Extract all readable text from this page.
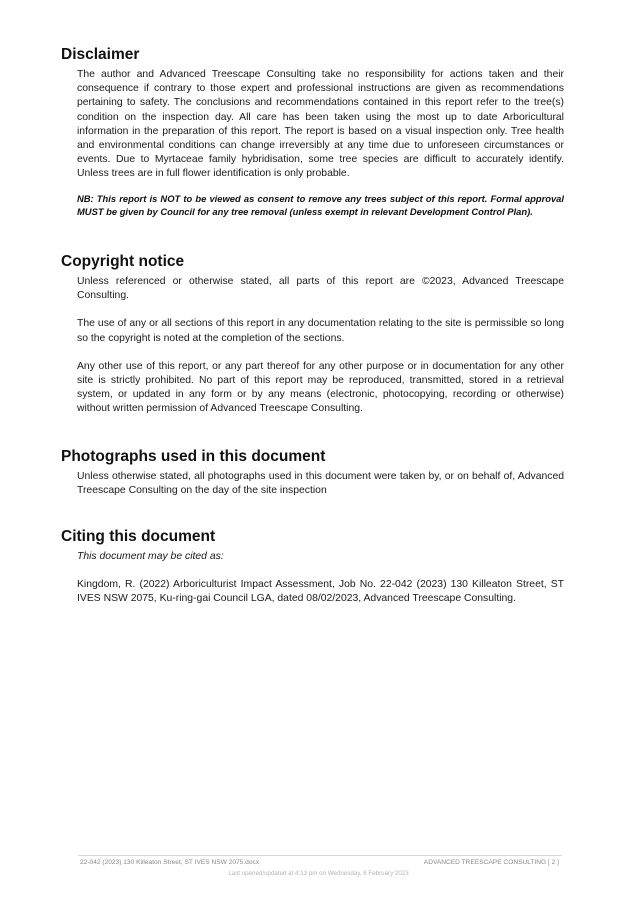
Disclaimer

The author and Advanced Treescape Consulting take no responsibility for actions taken and their consequence if contrary to those expert and professional instructions are given as recommendations pertaining to safety. The conclusions and recommendations contained in this report refer to the tree(s) condition on the inspection day. All care has been taken using the most up to date Arboricultural information in the preparation of this report. The report is based on a visual inspection only. Tree health and environmental conditions can change irreversibly at any time due to unforeseen circumstances or events. Due to Myrtaceae family hybridisation, some tree species are difficult to accurately identify. Unless trees are in full flower identification is only probable.

NB: This report is NOT to be viewed as consent to remove any trees subject of this report. Formal approval MUST be given by Council for any tree removal (unless exempt in relevant Development Control Plan).

Copyright notice

Unless referenced or otherwise stated, all parts of this report are ©2023, Advanced Treescape Consulting.

The use of any or all sections of this report in any documentation relating to the site is permissible so long so the copyright is noted at the completion of the sections.

Any other use of this report, or any part thereof for any other purpose or in documentation for any other site is strictly prohibited. No part of this report may be reproduced, transmitted, stored in a retrieval system, or updated in any form or by any means (electronic, photocopying, recording or otherwise) without written permission of Advanced Treescape Consulting.

Photographs used in this document

Unless otherwise stated, all photographs used in this document were taken by, or on behalf of, Advanced Treescape Consulting on the day of the site inspection

Citing this document

This document may be cited as:

Kingdom, R. (2022) Arboriculturist Impact Assessment, Job No. 22-042 (2023) 130 Killeaton Street, ST IVES NSW 2075, Ku-ring-gai Council LGA, dated 08/02/2023, Advanced Treescape Consulting.

22-042 (2023) 130 Killeaton Street, ST IVES NSW 2075.docx	ADVANCED TREESCAPE CONSULTING [ 2 ]
Last opened/updated at 4:13 pm on Wednesday, 8 February 2023
